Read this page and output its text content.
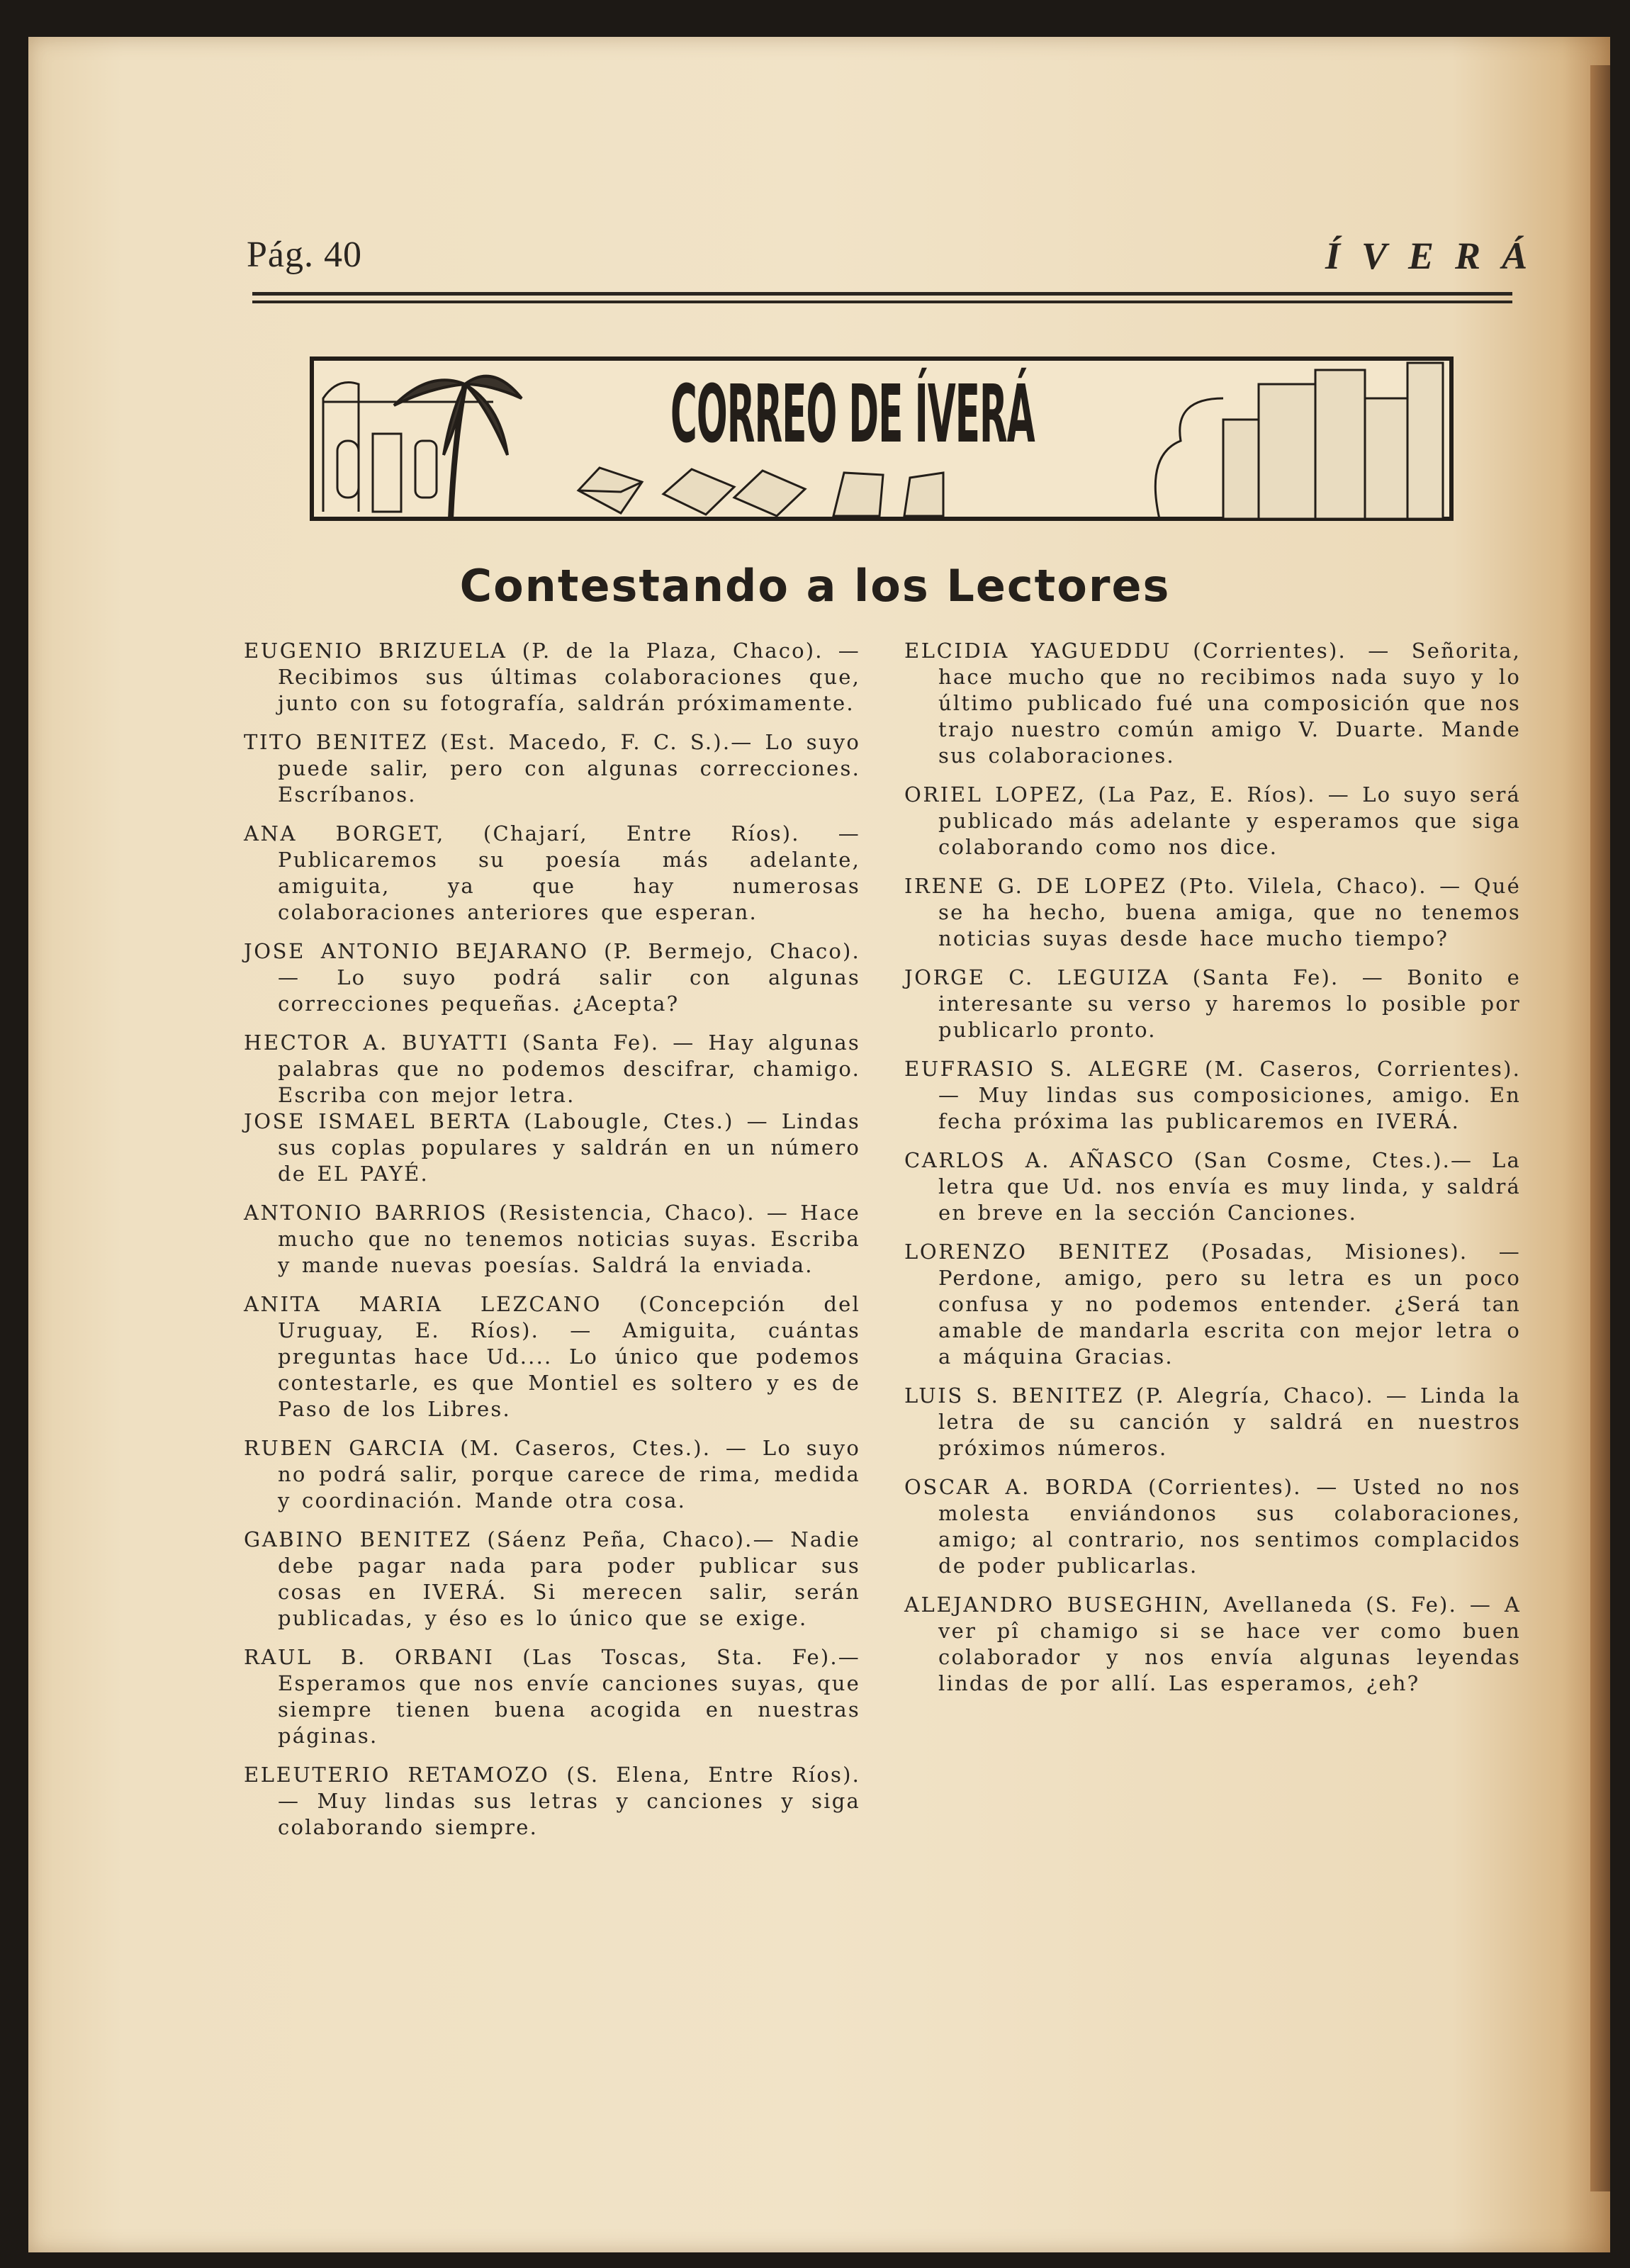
Pág. 40	ÍVERÁ
CORREO DE ÍVERÁ
Contestando a los Lectores

EUGENIO BRIZUELA (P. de la Plaza, Chaco). — Recibimos sus últimas colaboraciones que, junto con su fotografía, saldrán próximamente.

TITO BENITEZ (Est. Macedo, F. C. S.).— Lo suyo puede salir, pero con algunas correcciones. Escríbanos.

ANA BORGET, (Chajarí, Entre Ríos). — Publicaremos su poesía más adelante, amiguita, ya que hay numerosas colaboraciones anteriores que esperan.

JOSE ANTONIO BEJARANO (P. Bermejo, Chaco). — Lo suyo podrá salir con algunas correcciones pequeñas. ¿Acepta?

HECTOR A. BUYATTI (Santa Fe). — Hay algunas palabras que no podemos descifrar, chamigo. Escriba con mejor letra.

JOSE ISMAEL BERTA (Labougle, Ctes.) — Lindas sus coplas populares y saldrán en un número de EL PAYÉ.

ANTONIO BARRIOS (Resistencia, Chaco). — Hace mucho que no tenemos noticias suyas. Escriba y mande nuevas poesías. Saldrá la enviada.

ANITA MARIA LEZCANO (Concepción del Uruguay, E. Ríos). — Amiguita, cuántas preguntas hace Ud.... Lo único que podemos contestarle, es que Montiel es soltero y es de Paso de los Libres.

RUBEN GARCIA (M. Caseros, Ctes.). — Lo suyo no podrá salir, porque carece de rima, medida y coordinación. Mande otra cosa.

GABINO BENITEZ (Sáenz Peña, Chaco).— Nadie debe pagar nada para poder publicar sus cosas en IVERÁ. Si merecen salir, serán publicadas, y éso es lo único que se exige.

RAUL B. ORBANI (Las Toscas, Sta. Fe).— Esperamos que nos envíe canciones suyas, que siempre tienen buena acogida en nuestras páginas.

ELEUTERIO RETAMOZO (S. Elena, Entre Ríos). — Muy lindas sus letras y canciones y siga colaborando siempre.

ELCIDIA YAGUEDDU (Corrientes). — Señorita, hace mucho que no recibimos nada suyo y lo último publicado fué una composición que nos trajo nuestro común amigo V. Duarte. Mande sus colaboraciones.

ORIEL LOPEZ, (La Paz, E. Ríos). — Lo suyo será publicado más adelante y esperamos que siga colaborando como nos dice.

IRENE G. DE LOPEZ (Pto. Vilela, Chaco). — Qué se ha hecho, buena amiga, que no tenemos noticias suyas desde hace mucho tiempo?

JORGE C. LEGUIZA (Santa Fe). — Bonito e interesante su verso y haremos lo posible por publicarlo pronto.

EUFRASIO S. ALEGRE (M. Caseros, Corrientes). — Muy lindas sus composiciones, amigo. En fecha próxima las publicaremos en IVERÁ.

CARLOS A. AÑASCO (San Cosme, Ctes.).— La letra que Ud. nos envía es muy linda, y saldrá en breve en la sección Canciones.

LORENZO BENITEZ (Posadas, Misiones). — Perdone, amigo, pero su letra es un poco confusa y no podemos entender. ¿Será tan amable de mandarla escrita con mejor letra o a máquina Gracias.

LUIS S. BENITEZ (P. Alegría, Chaco). — Linda la letra de su canción y saldrá en nuestros próximos números.

OSCAR A. BORDA (Corrientes). — Usted no nos molesta enviándonos sus colaboraciones, amigo; al contrario, nos sentimos complacidos de poder publicarlas.

ALEJANDRO BUSEGHIN, Avellaneda (S. Fe). — A ver pî chamigo si se hace ver como buen colaborador y nos envía algunas leyendas lindas de por allí. Las esperamos, ¿eh?
